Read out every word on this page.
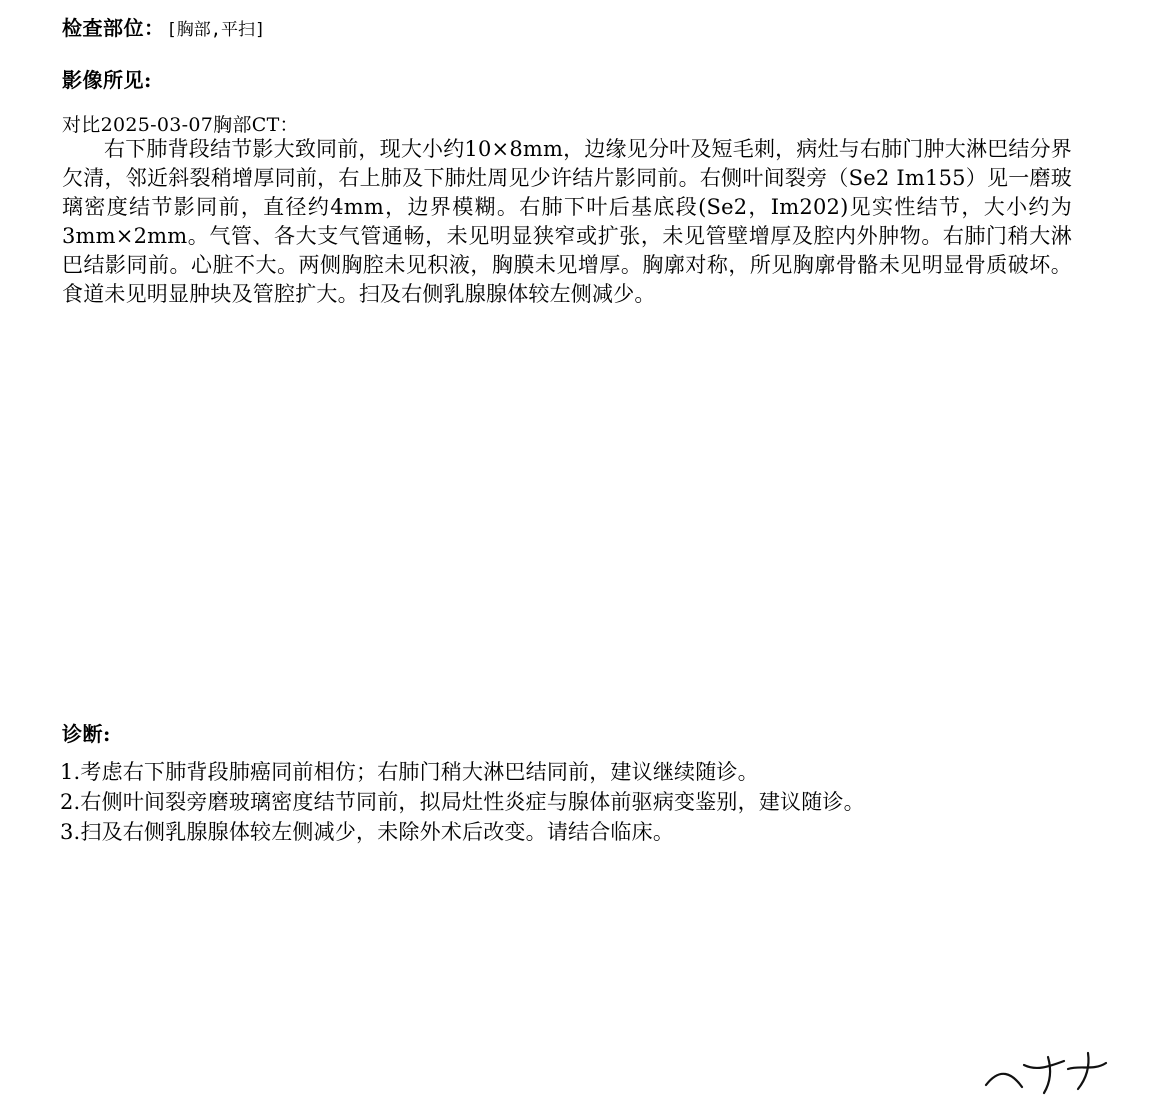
检查部位： [胸部,平扫]
影像所见:
对比2025-03-07胸部CT：
右下肺背段结节影大致同前，现大小约10×8mm，边缘见分叶及短毛刺，病灶与右肺门肿大淋巴结分界欠清，邻近斜裂稍增厚同前，右上肺及下肺灶周见少许结片影同前。右侧叶间裂旁（Se2 Im155）见一磨玻璃密度结节影同前，直径约4mm，边界模糊。右肺下叶后基底段(Se2，Im202)见实性结节，大小约为3mm×2mm。气管、各大支气管通畅，未见明显狭窄或扩张，未见管壁增厚及腔内外肿物。右肺门稍大淋巴结影同前。心脏不大。两侧胸腔未见积液，胸膜未见增厚。胸廓对称，所见胸廓骨骼未见明显骨质破坏。食道未见明显肿块及管腔扩大。扫及右侧乳腺腺体较左侧减少。
诊断:
1.考虑右下肺背段肺癌同前相仿；右肺门稍大淋巴结同前，建议继续随诊。
2.右侧叶间裂旁磨玻璃密度结节同前，拟局灶性炎症与腺体前驱病变鉴别，建议随诊。
3.扫及右侧乳腺腺体较左侧减少，未除外术后改变。请结合临床。
